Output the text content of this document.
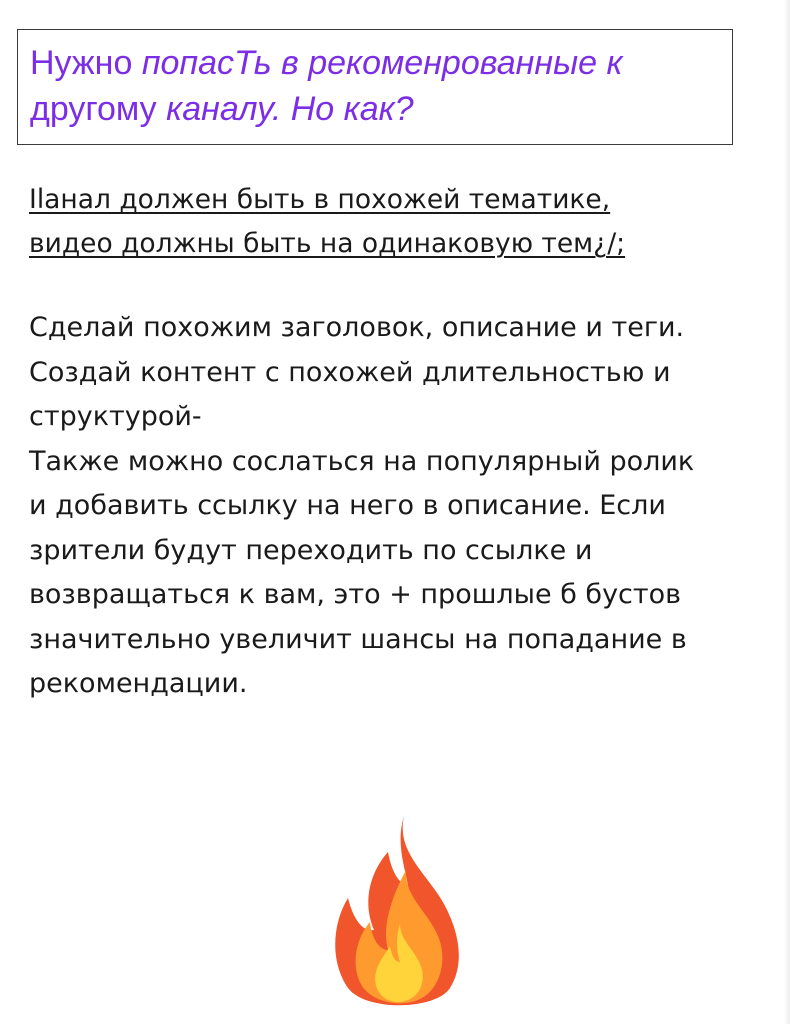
Нужно попасТь в рекоменрованные к
другому каналу. Но как?
Ilанал должен быть в похожей тематике,
видео должны быть на одинаковую тем¿/;
Сделай похожим заголовок, описание и теги.
Создай контент с похожей длительностью и
структурой-
Также можно сослаться на популярный ролик
и добавить ссылку на него в описание. Если
зрители будут переходить по ссылке и
возвращаться к вам, это + прошлые б бустов
значительно увеличит шансы на попадание в
рекомендации.
